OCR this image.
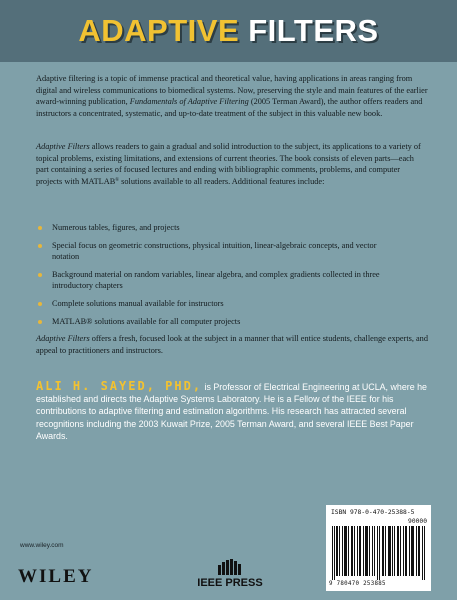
ADAPTIVE FILTERS
Adaptive filtering is a topic of immense practical and theoretical value, having applications in areas ranging from digital and wireless communications to biomedical systems. Now, preserving the style and main features of the earlier award-winning publication, Fundamentals of Adaptive Filtering (2005 Terman Award), the author offers readers and instructors a concentrated, systematic, and up-to-date treatment of the subject in this valuable new book.
Adaptive Filters allows readers to gain a gradual and solid introduction to the subject, its applications to a variety of topical problems, existing limitations, and extensions of current theories. The book consists of eleven parts—each part containing a series of focused lectures and ending with bibliographic comments, problems, and computer projects with MATLAB® solutions available to all readers. Additional features include:
Numerous tables, figures, and projects
Special focus on geometric constructions, physical intuition, linear-algebraic concepts, and vector notation
Background material on random variables, linear algebra, and complex gradients collected in three introductory chapters
Complete solutions manual available for instructors
MATLAB® solutions available for all computer projects
Adaptive Filters offers a fresh, focused look at the subject in a manner that will entice students, challenge experts, and appeal to practitioners and instructors.
ALI H. SAYED, PHD, is Professor of Electrical Engineering at UCLA, where he established and directs the Adaptive Systems Laboratory. He is a Fellow of the IEEE for his contributions to adaptive filtering and estimation algorithms. His research has attracted several recognitions including the 2003 Kuwait Prize, 2005 Terman Award, and several IEEE Best Paper Awards.
ISBN 978-0-470-25388-5
90000
9 780470 253885
www.wiley.com
WILEY	IEEE PRESS
